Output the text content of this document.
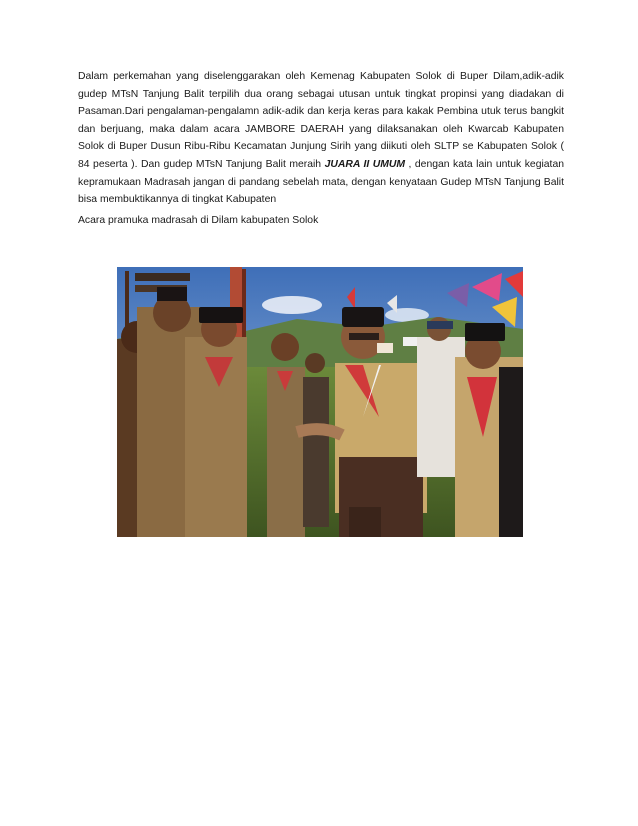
Dalam perkemahan yang diselenggarakan oleh Kemenag Kabupaten Solok di Buper Dilam,adik-adik gudep MTsN Tanjung Balit terpilih dua orang sebagai utusan untuk tingkat propinsi yang diadakan di Pasaman.Dari pengalaman-pengalamn adik-adik dan kerja keras para kakak Pembina utuk terus bangkit dan berjuang, maka dalam acara JAMBORE DAERAH yang dilaksanakan oleh Kwarcab Kabupaten Solok di Buper Dusun Ribu-Ribu Kecamatan Junjung Sirih yang diikuti oleh SLTP se Kabupaten Solok ( 84 peserta ). Dan gudep MTsN Tanjung Balit meraih JUARA II UMUM , dengan kata lain untuk kegiatan kepramukaan Madrasah jangan di pandang sebelah mata, dengan kenyataan Gudep MTsN Tanjung Balit bisa membuktikannya di tingkat Kabupaten

Acara pramuka madrasah di Dilam kabupaten Solok
